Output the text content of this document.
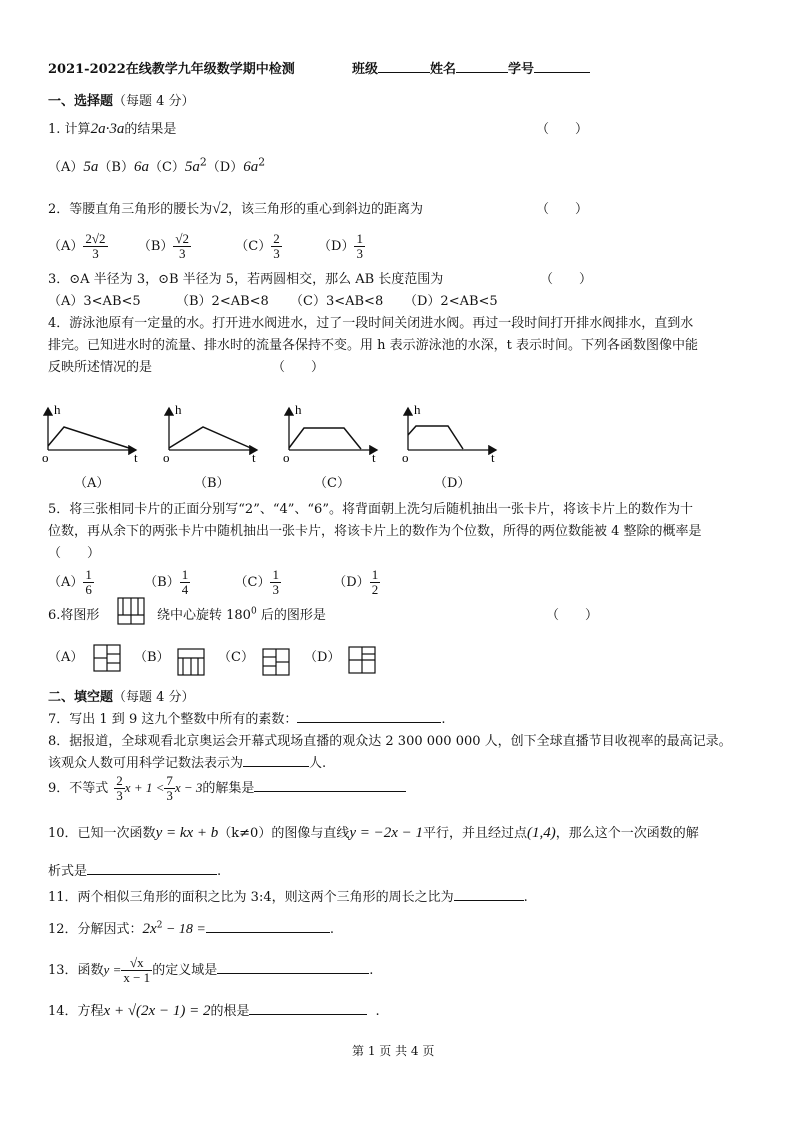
2021-2022在线教学九年级数学期中检测	班级	姓名	学号
一、选择题（每题 4 分）
1. 计算2a·3a的结果是	（　　）
$(A)5a(B)6a(C)5a^2(D)6a^2$
2．等腰直角三角形的腰长为√2，该三角形的重心到斜边的距离为	（　　）
$(A) \frac{2√2}{3} (B) \frac{√2}{3}$	$(C) \frac{2}{3}$	$(D) \frac{1}{3}$
3．⊙A 半径为 3，⊙B 半径为 5，若两圆相交，那么 AB 长度范围为	（　　）
（A）3<AB<5	（B）2<AB<8 （C）3<AB<8 （D）2<AB<5
4．游泳池原有一定量的水。打开进水阀进水，过了一段时间关闭进水阀。再过一段时间打开排水阀排水，直到水
排完。已知进水时的流量、排水时的流量各保持不变。用 h 表示游泳池的水深，t 表示时间。下列各函数图像中能
反映所述情况的是	（　　）
h
o	t
h
o	t
h
o	t
h
o	t
（A）	（B）	（C）	（D）
5．将三张相同卡片的正面分别写“2”、“4”、“6”。将背面朝上洗匀后随机抽出一张卡片，将该卡片上的数作为十
位数，再从余下的两张卡片中随机抽出一张卡片，将该卡片上的数作为个位数，所得的两位数能被 4 整除的概率是
（　　）
$(A) \frac{1}{6}$	$(B) \frac{1}{4}$	$(C) \frac{1}{3}$	$(D) \frac{1}{2}$
6.将图形	绕中心旋转 $180^0$ 后的图形是	（　　）
（A）	（B）	（C）	（D）
二、填空题（每题 4 分）
7．写出 1 到 9 这九个整数中所有的素数：	.
8．据报道，全球观看北京奥运会开幕式现场直播的观众达 2 300 000 000 人，创下全球直播节目收视率的最高记录。
该观众人数可用科学记数法表示为	人.
9．不等式 $\frac{2}{3}$ $x + 1 < \frac{7}{3}$ x − 3的解集是
10．已知一次函数y = kx + b（k≠0）的图像与直线y = −2x − 1平行，并且经过点(1,4)，那么这个一次函数的解
析式是	.
11．两个相似三角形的面积之比为 3:4，则这两个三角形的周长之比为	.
12．分解因式：$2x^2 - 18$ =	.
13．函数$y = \frac{√x}{x - 1}$ 的定义域是	.
14．方程x + √(2x − 1) = 2的根是	.
第 1 页 共 4 页
